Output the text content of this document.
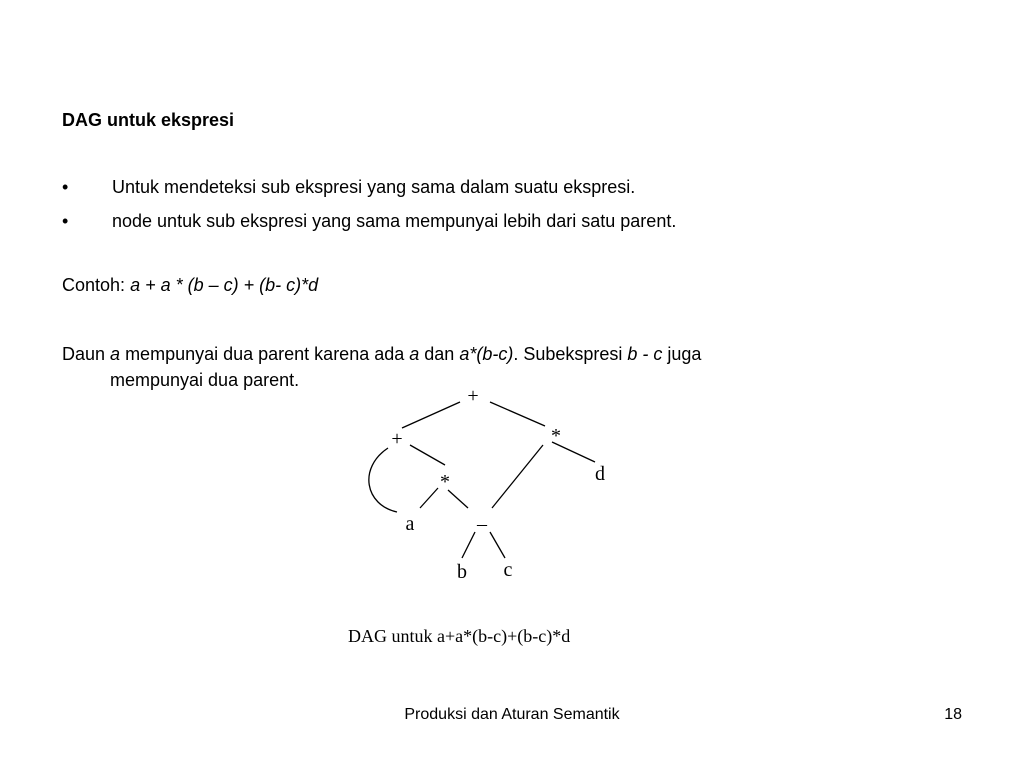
DAG untuk ekspresi
• Untuk mendeteksi sub ekspresi yang sama dalam suatu ekspresi.
• node untuk sub ekspresi yang sama mempunyai lebih dari satu parent.
Contoh: a + a * (b – c) + (b- c)*d
Daun a mempunyai dua parent karena ada a dan a*(b-c). Subekspresi b - c juga
mempunyai dua parent.
+
+	*
d
*
a	–
b c
DAG untuk a+a*(b-c)+(b-c)*d
Produksi dan Aturan Semantik	18
